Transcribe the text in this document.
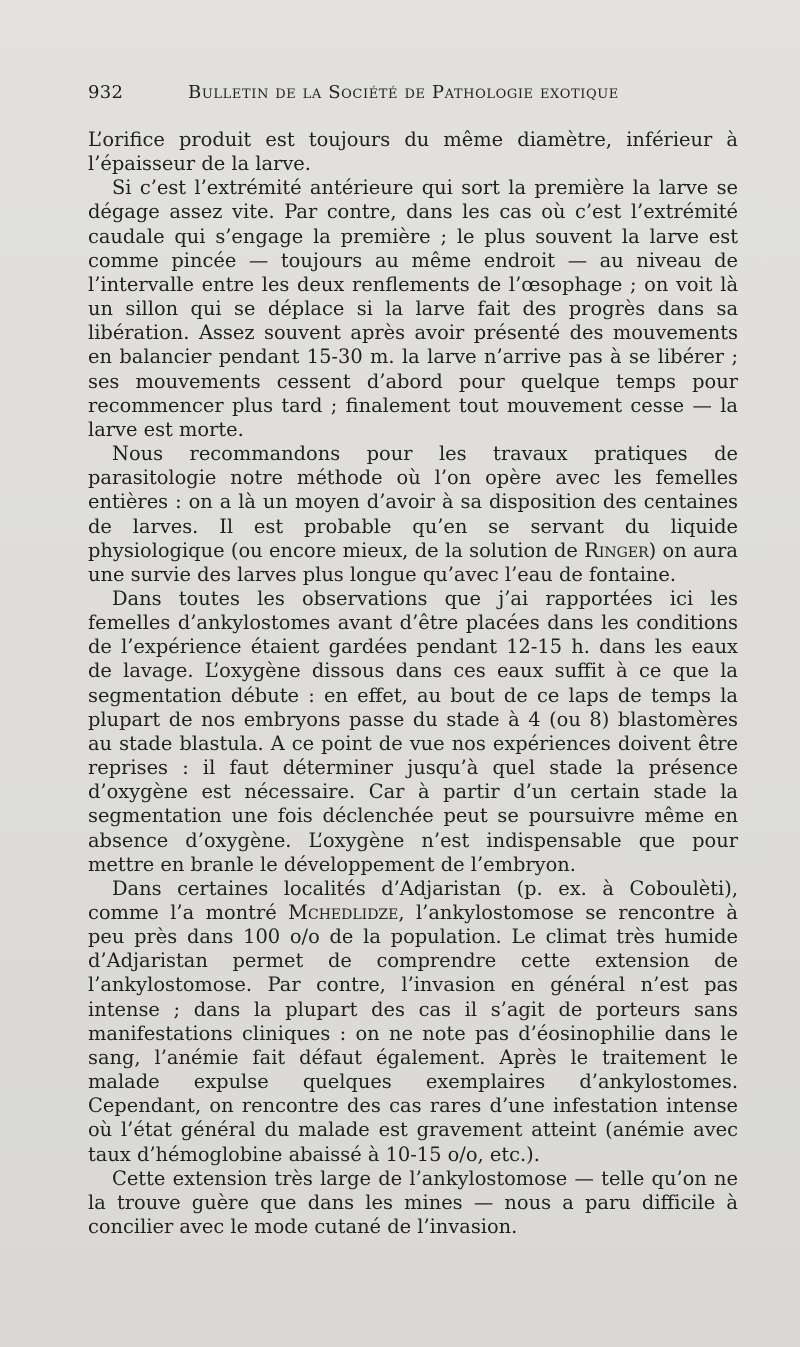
932	Bulletin de la Société de Pathologie exotique

L’orifice produit est toujours du même diamètre, inférieur à l’épaisseur de la larve.

Si c’est l’extrémité antérieure qui sort la première la larve se dégage assez vite. Par contre, dans les cas où c’est l’extrémité caudale qui s’engage la première ; le plus souvent la larve est comme pincée — toujours au même endroit — au niveau de l’intervalle entre les deux renflements de l’œsophage ; on voit là un sillon qui se déplace si la larve fait des progrès dans sa libération. Assez souvent après avoir présenté des mouvements en balancier pendant 15-30 m. la larve n’arrive pas à se libérer ; ses mouvements cessent d’abord pour quelque temps pour recommencer plus tard ; finalement tout mouvement cesse — la larve est morte.

Nous recommandons pour les travaux pratiques de parasitologie notre méthode où l’on opère avec les femelles entières : on a là un moyen d’avoir à sa disposition des centaines de larves. Il est probable qu’en se servant du liquide physiologique (ou encore mieux, de la solution de Ringer) on aura une survie des larves plus longue qu’avec l’eau de fontaine.

Dans toutes les observations que j’ai rapportées ici les femelles d’ankylostomes avant d’être placées dans les conditions de l’expérience étaient gardées pendant 12-15 h. dans les eaux de lavage. L’oxygène dissous dans ces eaux suffit à ce que la segmentation débute : en effet, au bout de ce laps de temps la plupart de nos embryons passe du stade à 4 (ou 8) blastomères au stade blastula. A ce point de vue nos expériences doivent être reprises : il faut déterminer jusqu’à quel stade la présence d’oxygène est nécessaire. Car à partir d’un certain stade la segmentation une fois déclenchée peut se poursuivre même en absence d’oxygène. L’oxygène n’est indispensable que pour mettre en branle le développement de l’embryon.

Dans certaines localités d’Adjaristan (p. ex. à Coboulèti), comme l’a montré Mchedlidze, l’ankylostomose se rencontre à peu près dans 100 o/o de la population. Le climat très humide d’Adjaristan permet de comprendre cette extension de l’ankylostomose. Par contre, l’invasion en général n’est pas intense ; dans la plupart des cas il s’agit de porteurs sans manifestations cliniques : on ne note pas d’éosinophilie dans le sang, l’anémie fait défaut également. Après le traitement le malade expulse quelques exemplaires d’ankylostomes. Cependant, on rencontre des cas rares d’une infestation intense où l’état général du malade est gravement atteint (anémie avec taux d’hémoglobine abaissé à 10-15 o/o, etc.).

Cette extension très large de l’ankylostomose — telle qu’on ne la trouve guère que dans les mines — nous a paru difficile à concilier avec le mode cutané de l’invasion.
